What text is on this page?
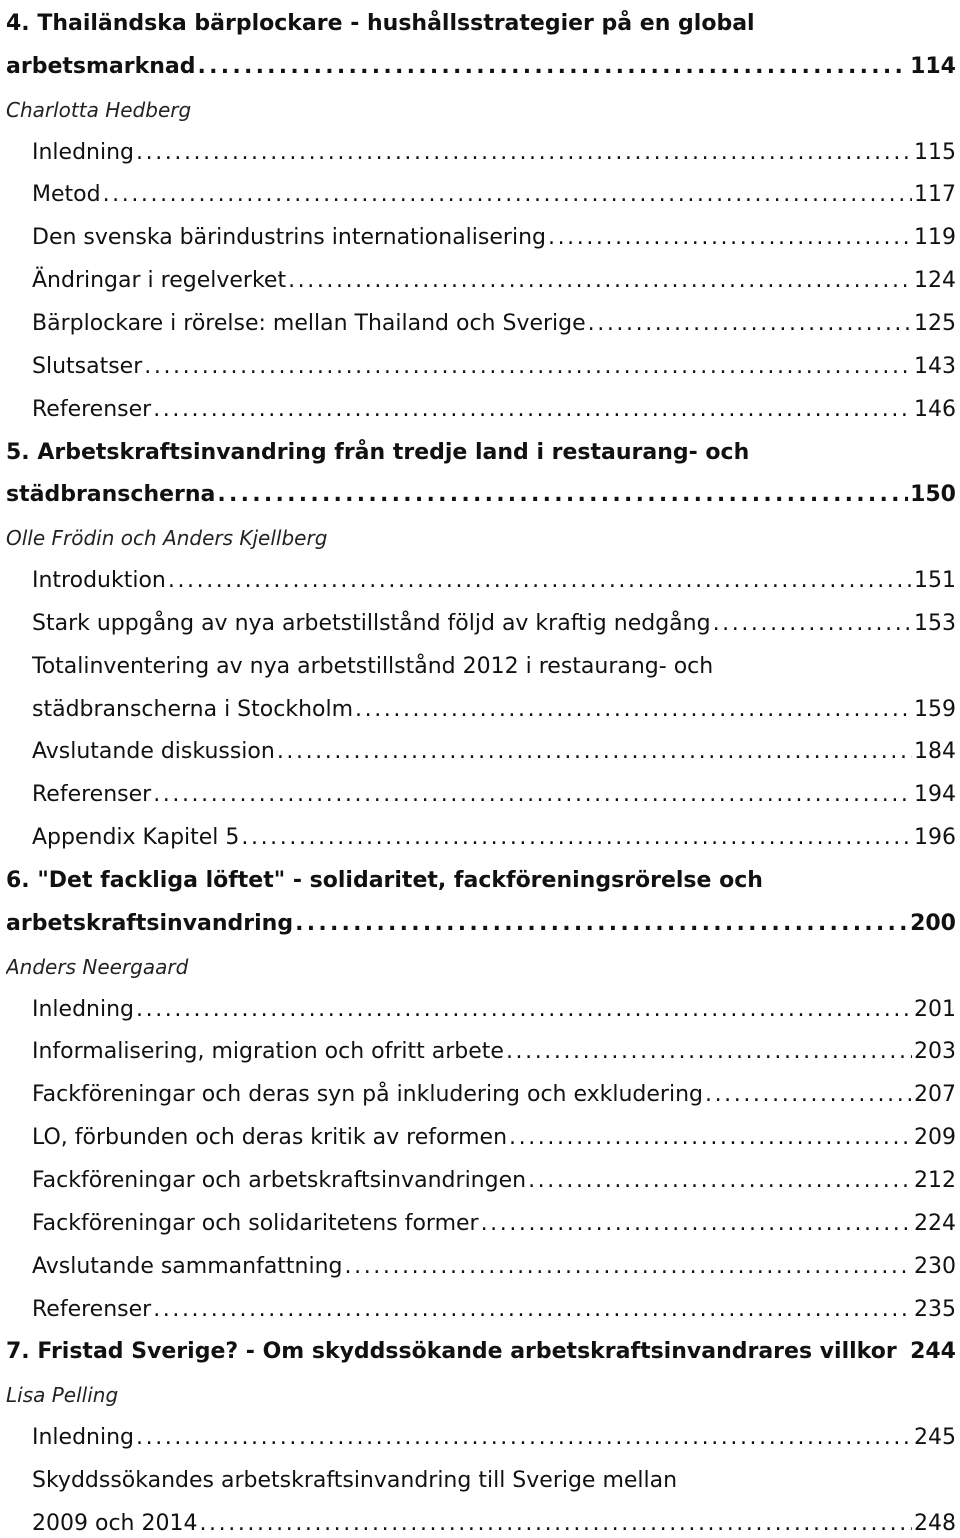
4. Thailändska bärplockare - hushållsstrategier på en global
arbetsmarknad . . .	114
Charlotta Hedberg
Inledning . . .	115
Metod . . .	117
Den svenska bärindustrins internationalisering . . .	119
Ändringar i regelverket . . .	124
Bärplockare i rörelse: mellan Thailand och Sverige . . .	125
Slutsatser . . .	143
Referenser . . .	146
5. Arbetskraftsinvandring från tredje land i restaurang- och
städbranscherna . . .	150
Olle Frödin och Anders Kjellberg
Introduktion . . .	151
Stark uppgång av nya arbetstillstånd följd av kraftig nedgång . . .	153
Totalinventering av nya arbetstillstånd 2012 i restaurang- och
städbranscherna i Stockholm . . .	159
Avslutande diskussion . . .	184
Referenser . . .	194
Appendix Kapitel 5 . . .	196
6. "Det fackliga löftet" - solidaritet, fackföreningsrörelse och
arbetskraftsinvandring . . .	200
Anders Neergaard
Inledning . . .	201
Informalisering, migration och ofritt arbete . . .	203
Fackföreningar och deras syn på inkludering och exkludering . . .	207
LO, förbunden och deras kritik av reformen . . .	209
Fackföreningar och arbetskraftsinvandringen . . .	212
Fackföreningar och solidaritetens former . . .	224
Avslutande sammanfattning . . .	230
Referenser . . .	235
7. Fristad Sverige? - Om skyddssökande arbetskraftsinvandrares villkor 244
Lisa Pelling
Inledning . . .	245
Skyddssökandes arbetskraftsinvandring till Sverige mellan
2009 och 2014 . . .	248
